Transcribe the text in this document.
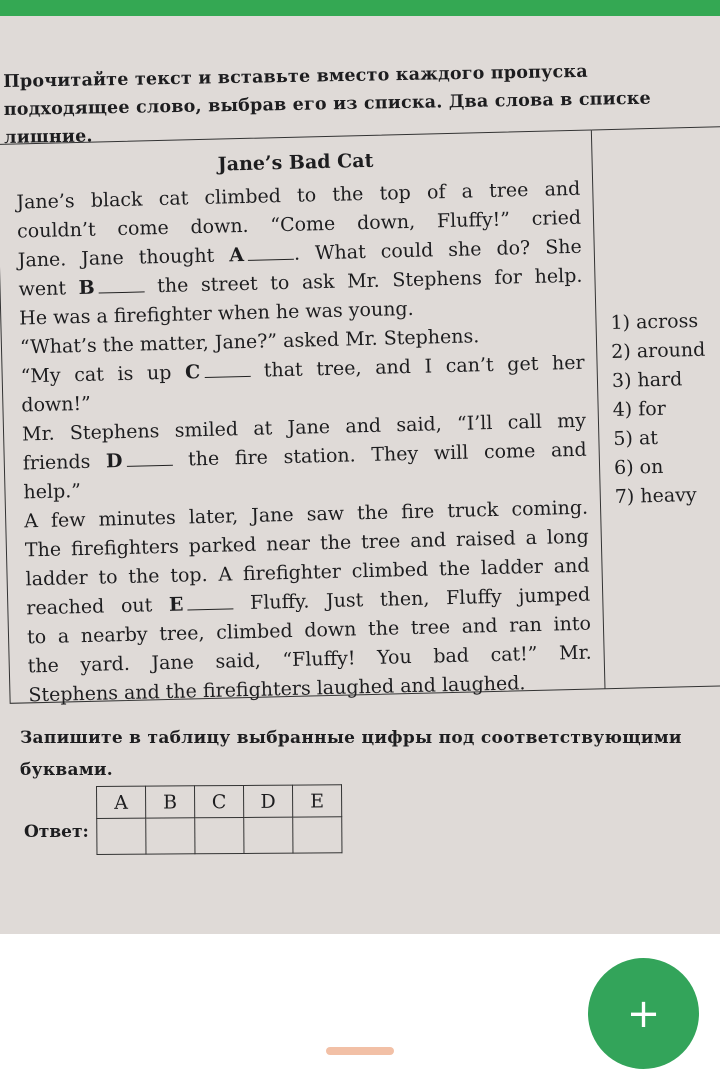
Прочитайте текст и вставьте вместо каждого пропуска подходящее слово, выбрав его из списка. Два слова в списке лишние.
Jane’s Bad Cat
Jane’s black cat climbed to the top of a tree and
couldn’t come down. “Come down, Fluffy!” cried
Jane. Jane thought A	. What could she do? She
went B	the street to ask Mr. Stephens for help.
He was a firefighter when he was young.
“What’s the matter, Jane?” asked Mr. Stephens.
“My cat is up C	that tree, and I can’t get her
down!”
Mr. Stephens smiled at Jane and said, “I’ll call my
friends D	the fire station. They will come and
help.”
A few minutes later, Jane saw the fire truck coming.
The firefighters parked near the tree and raised a long
ladder to the top. A firefighter climbed the ladder and
reached out E	Fluffy. Just then, Fluffy jumped
to a nearby tree, climbed down the tree and ran into
the yard. Jane said, “Fluffy! You bad cat!” Mr.
Stephens and the firefighters laughed and laughed.
1) across
2) around
3) hard
4) for
5) at
6) on
7) heavy
Запишите в таблицу выбранные цифры под соответствующими буквами.
Ответ:
A	B	C	D	E

+
